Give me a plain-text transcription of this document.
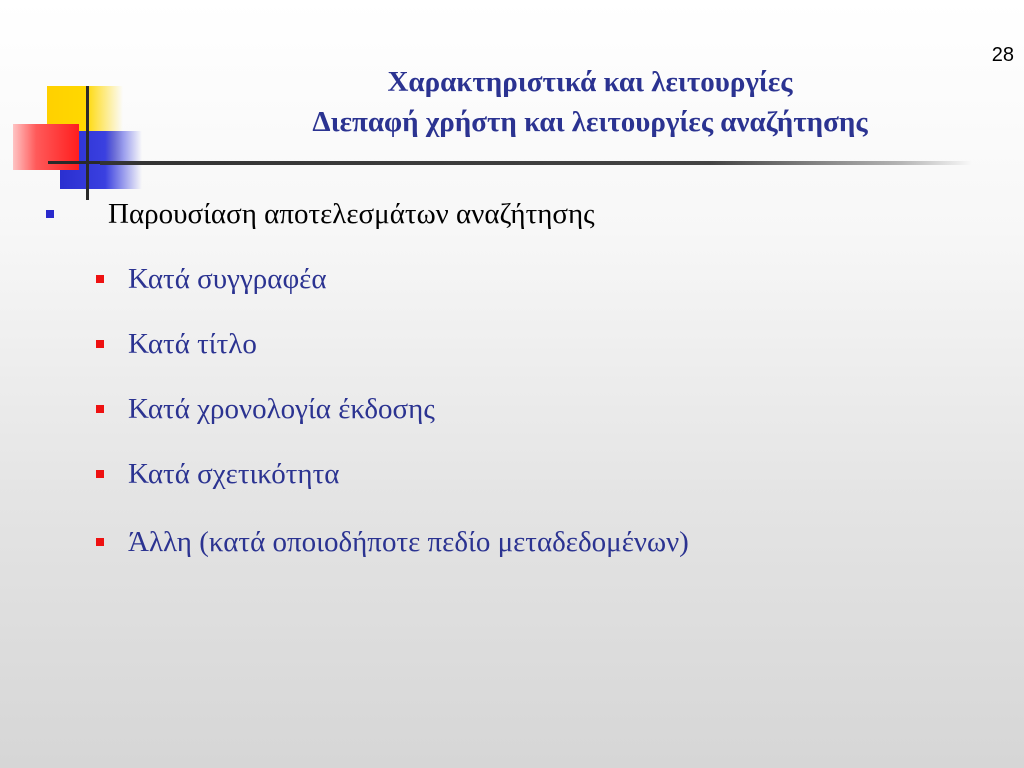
28
Χαρακτηριστικά και λειτουργίες
Διεπαφή χρήστη και λειτουργίες αναζήτησης
Παρουσίαση αποτελεσμάτων αναζήτησης
Κατά συγγραφέα
Κατά τίτλο
Κατά χρονολογία έκδοσης
Κατά σχετικότητα
Άλλη (κατά οποιοδήποτε πεδίο μεταδεδομένων)
